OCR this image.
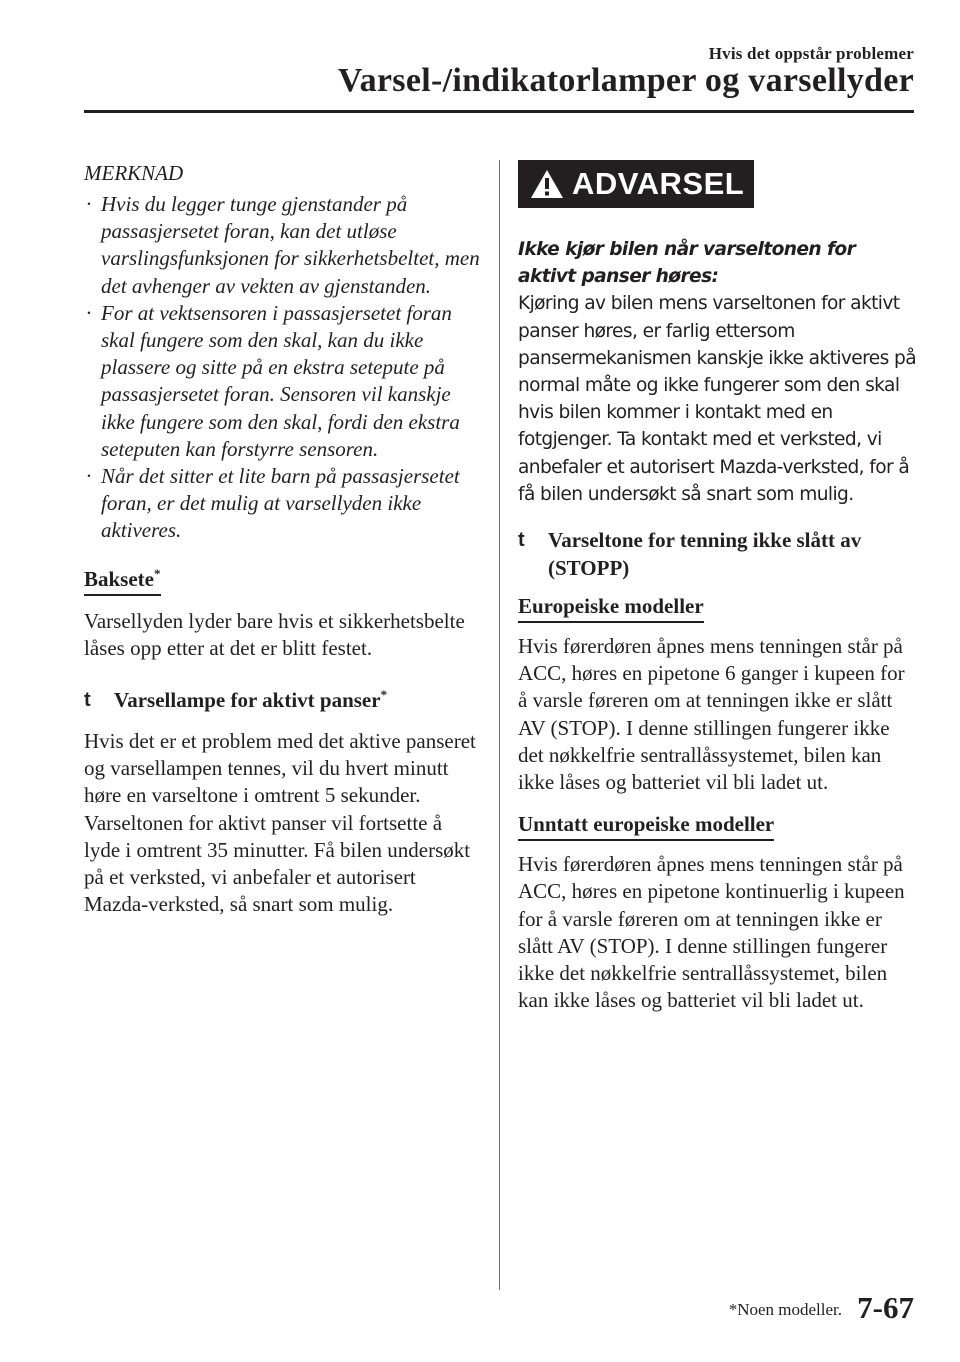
Hvis det oppstår problemer
Varsel-/indikatorlamper og varsellyder

MERKNAD

· Hvis du legger tunge gjenstander på passasjersetet foran, kan det utløse varslingsfunksjonen for sikkerhetsbeltet, men det avhenger av vekten av gjenstanden.
· For at vektsensoren i passasjersetet foran skal fungere som den skal, kan du ikke plassere og sitte på en ekstra setepute på passasjersetet foran. Sensoren vil kanskje ikke fungere som den skal, fordi den ekstra seteputen kan forstyrre sensoren.
· Når det sitter et lite barn på passasjersetet foran, er det mulig at varsellyden ikke aktiveres.
Baksete*

Varsellyden lyder bare hvis et sikkerhetsbelte låses opp etter at det er blitt festet.

t Varsellampe for aktivt panser*

Hvis det er et problem med det aktive panseret og varsellampen tennes, vil du hvert minutt høre en varseltone i omtrent 5 sekunder.

Varseltonen for aktivt panser vil fortsette å lyde i omtrent 35 minutter. Få bilen undersøkt på et verksted, vi anbefaler et autorisert Mazda-verksted, så snart som mulig.

ADVARSEL

Ikke kjør bilen når varseltonen for aktivt panser høres:

Kjøring av bilen mens varseltonen for aktivt panser høres, er farlig ettersom pansermekanismen kanskje ikke aktiveres på normal måte og ikke fungerer som den skal hvis bilen kommer i kontakt med en fotgjenger. Ta kontakt med et verksted, vi anbefaler et autorisert Mazda-verksted, for å få bilen undersøkt så snart som mulig.

t Varseltone for tenning ikke slått av (STOPP)
Europeiske modeller

Hvis førerdøren åpnes mens tenningen står på ACC, høres en pipetone 6 ganger i kupeen for å varsle føreren om at tenningen ikke er slått AV (STOP). I denne stillingen fungerer ikke det nøkkelfrie sentrallåssystemet, bilen kan ikke låses og batteriet vil bli ladet ut.

Unntatt europeiske modeller

Hvis førerdøren åpnes mens tenningen står på ACC, høres en pipetone kontinuerlig i kupeen for å varsle føreren om at tenningen ikke er slått AV (STOP). I denne stillingen fungerer ikke det nøkkelfrie sentrallåssystemet, bilen kan ikke låses og batteriet vil bli ladet ut.

*Noen modeller. 7-67
